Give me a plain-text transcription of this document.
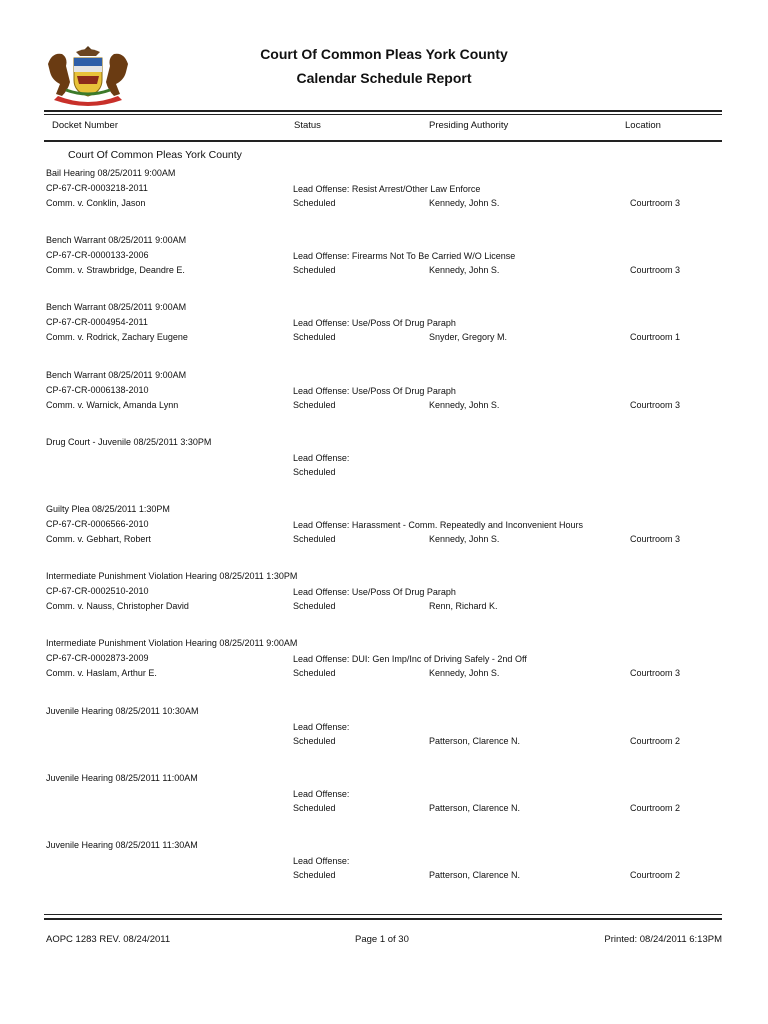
Court Of Common Pleas York County
Calendar Schedule Report
Docket Number	Status	Presiding Authority	Location
Court Of Common Pleas York County
Bail Hearing 08/25/2011 9:00AM
CP-67-CR-0003218-2011	Lead Offense: Resist Arrest/Other Law Enforce
Comm. v. Conklin, Jason	Scheduled	Kennedy, John S.	Courtroom 3
Bench Warrant 08/25/2011 9:00AM
CP-67-CR-0000133-2006	Lead Offense: Firearms Not To Be Carried W/O License
Comm. v. Strawbridge, Deandre E.	Scheduled	Kennedy, John S.	Courtroom 3
Bench Warrant 08/25/2011 9:00AM
CP-67-CR-0004954-2011	Lead Offense: Use/Poss Of Drug Paraph
Comm. v. Rodrick, Zachary Eugene	Scheduled	Snyder, Gregory M.	Courtroom 1
Bench Warrant 08/25/2011 9:00AM
CP-67-CR-0006138-2010	Lead Offense: Use/Poss Of Drug Paraph
Comm. v. Warnick, Amanda Lynn	Scheduled	Kennedy, John S.	Courtroom 3
Drug Court - Juvenile 08/25/2011 3:30PM
Lead Offense:
Scheduled
Guilty Plea 08/25/2011 1:30PM
CP-67-CR-0006566-2010	Lead Offense: Harassment - Comm. Repeatedly and Inconvenient Hours
Comm. v. Gebhart, Robert	Scheduled	Kennedy, John S.	Courtroom 3
Intermediate Punishment Violation Hearing 08/25/2011 1:30PM
CP-67-CR-0002510-2010	Lead Offense: Use/Poss Of Drug Paraph
Comm. v. Nauss, Christopher David	Scheduled	Renn, Richard K.
Intermediate Punishment Violation Hearing 08/25/2011 9:00AM
CP-67-CR-0002873-2009	Lead Offense: DUI: Gen Imp/Inc of Driving Safely - 2nd Off
Comm. v. Haslam, Arthur E.	Scheduled	Kennedy, John S.	Courtroom 3
Juvenile Hearing 08/25/2011 10:30AM
Lead Offense:
Scheduled	Patterson, Clarence N.	Courtroom 2
Juvenile Hearing 08/25/2011 11:00AM
Lead Offense:
Scheduled	Patterson, Clarence N.	Courtroom 2
Juvenile Hearing 08/25/2011 11:30AM
Lead Offense:
Scheduled	Patterson, Clarence N.	Courtroom 2
AOPC 1283 REV. 08/24/2011	Page 1 of 30	Printed: 08/24/2011 6:13PM
